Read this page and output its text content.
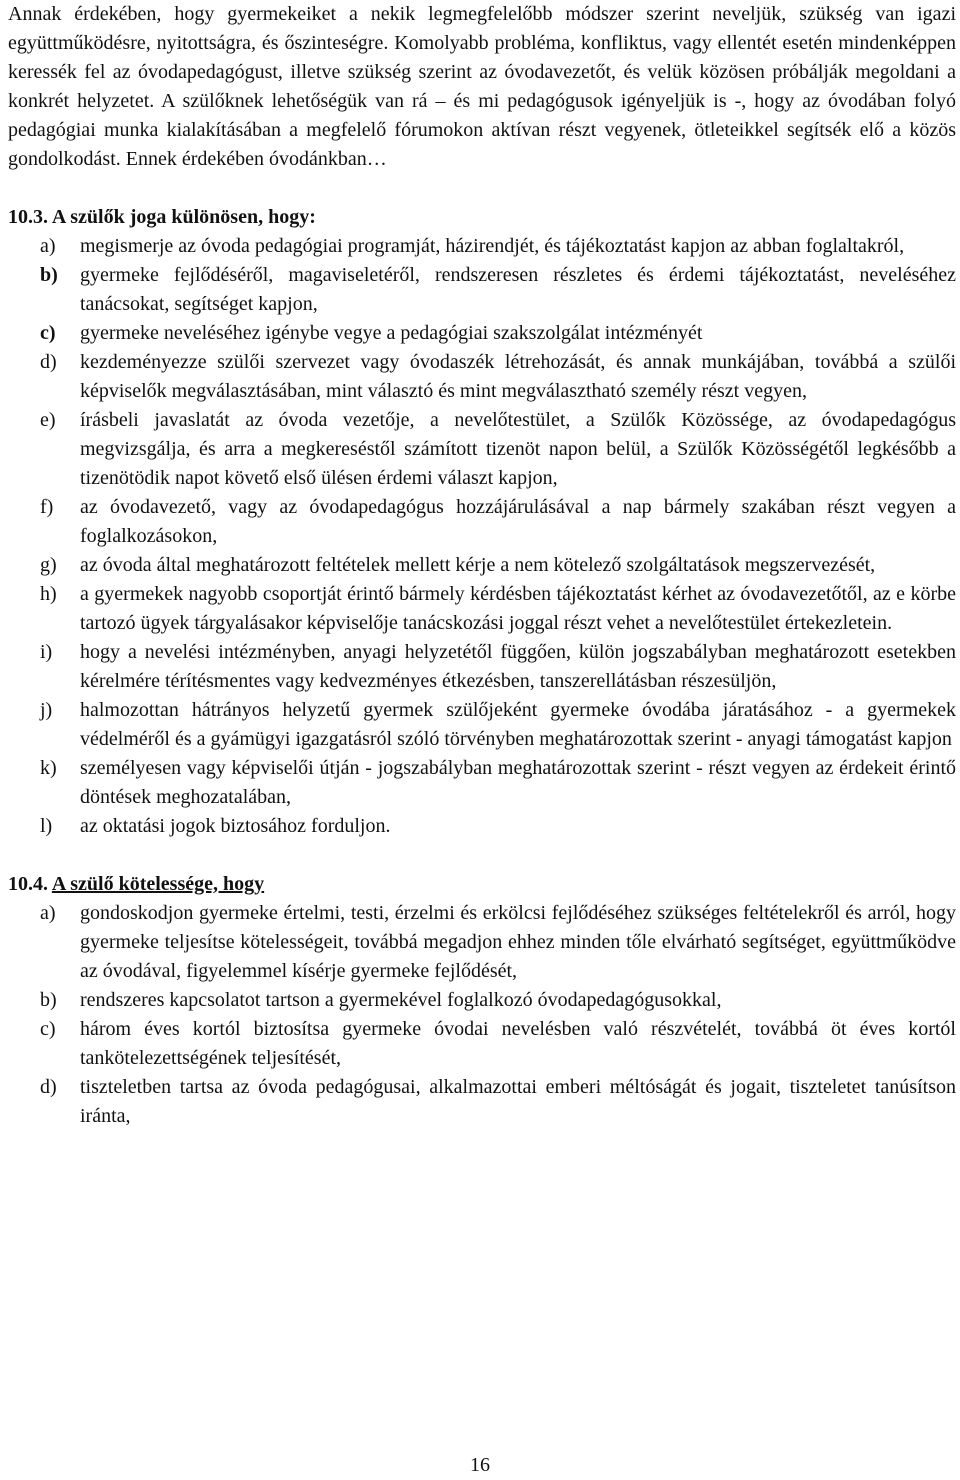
Annak érdekében, hogy gyermekeiket a nekik legmegfelelőbb módszer szerint neveljük, szükség van igazi együttműködésre, nyitottságra, és őszinteségre. Komolyabb probléma, konfliktus, vagy ellentét esetén mindenképpen keressék fel az óvodapedagógust, illetve szükség szerint az óvodavezetőt, és velük közösen próbálják megoldani a konkrét helyzetet. A szülőknek lehetőségük van rá – és mi pedagógusok igényeljük is -, hogy az óvodában folyó pedagógiai munka kialakításában a megfelelő fórumokon aktívan részt vegyenek, ötleteikkel segítsék elő a közös gondolkodást. Ennek érdekében óvodánkban…

10.3. A szülők joga különösen, hogy:
a) megismerje az óvoda pedagógiai programját, házirendjét, és tájékoztatást kapjon az abban foglaltakról,
b) gyermeke fejlődéséről, magaviseletéről, rendszeresen részletes és érdemi tájékoztatást, neveléséhez tanácsokat, segítséget kapjon,
c) gyermeke neveléséhez igénybe vegye a pedagógiai szakszolgálat intézményét
d) kezdeményezze szülői szervezet vagy óvodaszék létrehozását, és annak munkájában, továbbá a szülői képviselők megválasztásában, mint választó és mint megválasztható személy részt vegyen,
e) írásbeli javaslatát az óvoda vezetője, a nevelőtestület, a Szülők Közössége, az óvodapedagógus megvizsgálja, és arra a megkereséstől számított tizenöt napon belül, a Szülők Közösségétől legkésőbb a tizenötödik napot követő első ülésen érdemi választ kapjon,
f) az óvodavezető, vagy az óvodapedagógus hozzájárulásával a nap bármely szakában részt vegyen a foglalkozásokon,
g) az óvoda által meghatározott feltételek mellett kérje a nem kötelező szolgáltatások megszervezését,
h) a gyermekek nagyobb csoportját érintő bármely kérdésben tájékoztatást kérhet az óvodavezetőtől, az e körbe tartozó ügyek tárgyalásakor képviselője tanácskozási joggal részt vehet a nevelőtestület értekezletein.
i) hogy a nevelési intézményben, anyagi helyzetétől függően, külön jogszabályban meghatározott esetekben kérelmére térítésmentes vagy kedvezményes étkezésben, tanszerellátásban részesüljön,
j) halmozottan hátrányos helyzetű gyermek szülőjeként gyermeke óvodába járatásához - a gyermekek védelméről és a gyámügyi igazgatásról szóló törvényben meghatározottak szerint - anyagi támogatást kapjon
k) személyesen vagy képviselői útján - jogszabályban meghatározottak szerint - részt vegyen az érdekeit érintő döntések meghozatalában,
l) az oktatási jogok biztosához forduljon.
10.4. A szülő kötelessége, hogy
a) gondoskodjon gyermeke értelmi, testi, érzelmi és erkölcsi fejlődéséhez szükséges feltételekről és arról, hogy gyermeke teljesítse kötelességeit, továbbá megadjon ehhez minden tőle elvárható segítséget, együttműködve az óvodával, figyelemmel kísérje gyermeke fejlődését,
b) rendszeres kapcsolatot tartson a gyermekével foglalkozó óvodapedagógusokkal,
c) három éves kortól biztosítsa gyermeke óvodai nevelésben való részvételét, továbbá öt éves kortól tankötelezettségének teljesítését,
d) tiszteletben tartsa az óvoda pedagógusai, alkalmazottai emberi méltóságát és jogait, tiszteletet tanúsítson iránta,
16
